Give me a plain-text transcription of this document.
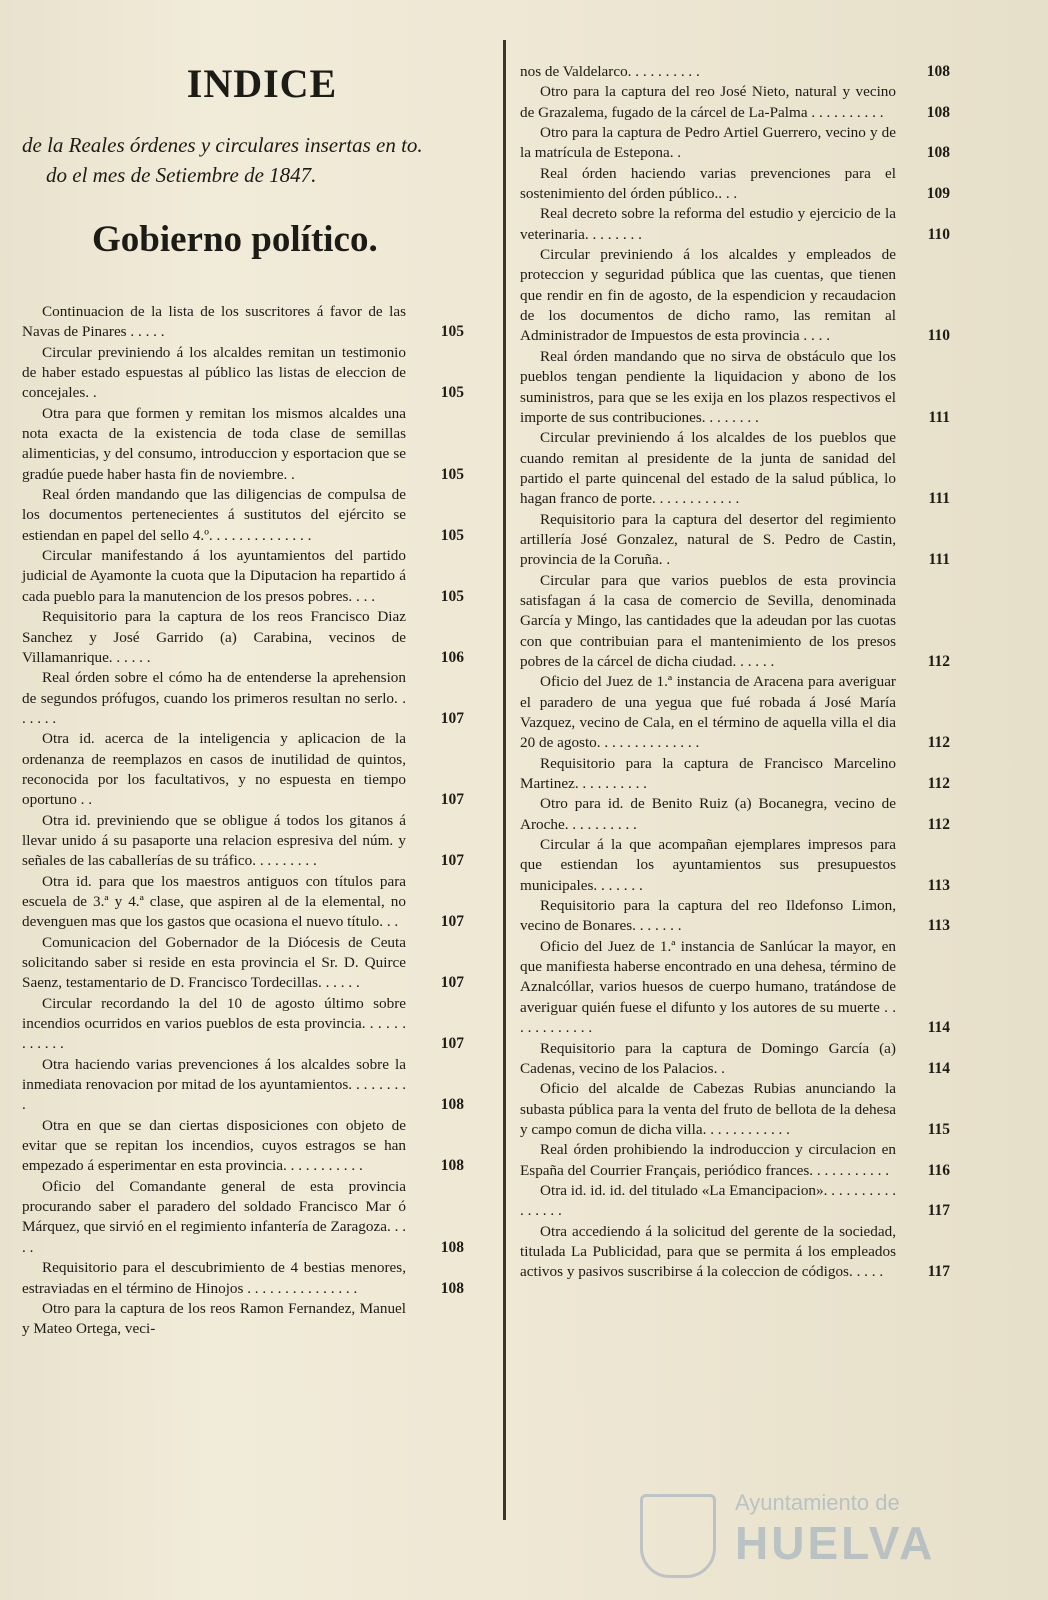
INDICE
de la Reales órdenes y circulares insertas en to.
do el mes de Setiembre de 1847.
Gobierno político.
Continuacion de la lista de los suscritores á favor de las Navas de Pinares . . . . .	105
Circular previniendo á los alcaldes remitan un testimonio de haber estado espuestas al público las listas de eleccion de concejales. .	105
Otra para que formen y remitan los mismos alcaldes una nota exacta de la existencia de toda clase de semillas alimenticias, y del consumo, introduccion y esportacion que se gradúe puede haber hasta fin de noviembre. .	105
Real órden mandando que las diligencias de compulsa de los documentos pertenecientes á sustitutos del ejército se estiendan en papel del sello 4.º. . . . . . . . . . . . . .	105
Circular manifestando á los ayuntamientos del partido judicial de Ayamonte la cuota que la Diputacion ha repartido á cada pueblo para la manutencion de los presos pobres. . . .	105
Requisitorio para la captura de los reos Francisco Diaz Sanchez y José Garrido (a) Carabina, vecinos de Villamanrique. . . . . .	106
Real órden sobre el cómo ha de entenderse la aprehension de segundos prófugos, cuando los primeros resultan no serlo. . . . . . .	107
Otra id. acerca de la inteligencia y aplicacion de la ordenanza de reemplazos en casos de inutilidad de quintos, reconocida por los facultativos, y no espuesta en tiempo oportuno . .	107
Otra id. previniendo que se obligue á todos los gitanos á llevar unido á su pasaporte una relacion espresiva del núm. y señales de las caballerías de su tráfico. . . . . . . . .	107
Otra id. para que los maestros antiguos con títulos para escuela de 3.ª y 4.ª clase, que aspiren al de la elemental, no devenguen mas que los gastos que ocasiona el nuevo título. . .	107
Comunicacion del Gobernador de la Diócesis de Ceuta solicitando saber si reside en esta provincia el Sr. D. Quirce Saenz, testamentario de D. Francisco Tordecillas. . . . . .	107
Circular recordando la del 10 de agosto último sobre incendios ocurridos en varios pueblos de esta provincia. . . . . . . . . . . .	107
Otra haciendo varias prevenciones á los alcaldes sobre la inmediata renovacion por mitad de los ayuntamientos. . . . . . . . .	108
Otra en que se dan ciertas disposiciones con objeto de evitar que se repitan los incendios, cuyos estragos se han empezado á esperimentar en esta provincia. . . . . . . . . . .	108
Oficio del Comandante general de esta provincia procurando saber el paradero del soldado Francisco Mar ó Márquez, que sirvió en el regimiento infantería de Zaragoza. . . . .	108
Requisitorio para el descubrimiento de 4 bestias menores, estraviadas en el término de Hinojos . . . . . . . . . . . . . . .	108
Otro para la captura de los reos Ramon Fernandez, Manuel y Mateo Ortega, veci-
nos de Valdelarco. . . . . . . . . .	108
Otro para la captura del reo José Nieto, natural y vecino de Grazalema, fugado de la cárcel de La-Palma . . . . . . . . . .	108
Otro para la captura de Pedro Artiel Guerrero, vecino y de la matrícula de Estepona. .	108
Real órden haciendo varias prevenciones para el sostenimiento del órden público.. . .	109
Real decreto sobre la reforma del estudio y ejercicio de la veterinaria. . . . . . . .	110
Circular previniendo á los alcaldes y empleados de proteccion y seguridad pública que las cuentas, que tienen que rendir en fin de agosto, de la espendicion y recaudacion de los documentos de dicho ramo, las remitan al Administrador de Impuestos de esta provincia . . . .	110
Real órden mandando que no sirva de obstáculo que los pueblos tengan pendiente la liquidacion y abono de los suministros, para que se les exija en los plazos respectivos el importe de sus contribuciones. . . . . . . .	111
Circular previniendo á los alcaldes de los pueblos que cuando remitan al presidente de la junta de sanidad del partido el parte quincenal del estado de la salud pública, lo hagan franco de porte. . . . . . . . . . . .	111
Requisitorio para la captura del desertor del regimiento artillería José Gonzalez, natural de S. Pedro de Castin, provincia de la Coruña. .	111
Circular para que varios pueblos de esta provincia satisfagan á la casa de comercio de Sevilla, denominada García y Mingo, las cantidades que la adeudan por las cuotas con que contribuian para el mantenimiento de los presos pobres de la cárcel de dicha ciudad. . . . . .	112
Oficio del Juez de 1.ª instancia de Aracena para averiguar el paradero de una yegua que fué robada á José María Vazquez, vecino de Cala, en el término de aquella villa el dia 20 de agosto. . . . . . . . . . . . . .	112
Requisitorio para la captura de Francisco Marcelino Martinez. . . . . . . . . .	112
Otro para id. de Benito Ruiz (a) Bocanegra, vecino de Aroche. . . . . . . . . .	112
Circular á la que acompañan ejemplares impresos para que estiendan los ayuntamientos sus presupuestos municipales. . . . . . .	113
Requisitorio para la captura del reo Ildefonso Limon, vecino de Bonares. . . . . . .	113
Oficio del Juez de 1.ª instancia de Sanlúcar la mayor, en que manifiesta haberse encontrado en una dehesa, término de Aznalcóllar, varios huesos de cuerpo humano, tratándose de averiguar quién fuese el difunto y los autores de su muerte . . . . . . . . . . . .	114
Requisitorio para la captura de Domingo García (a) Cadenas, vecino de los Palacios. .	114
Oficio del alcalde de Cabezas Rubias anunciando la subasta pública para la venta del fruto de bellota de la dehesa y campo comun de dicha villa. . . . . . . . . . . .	115
Real órden prohibiendo la indroduccion y circulacion en España del Courrier Français, periódico frances. . . . . . . . . . .	116
Otra id. id. id. del titulado «La Emancipacion». . . . . . . . . . . . . . . .	117
Otra accediendo á la solicitud del gerente de la sociedad, titulada La Publicidad, para que se permita á los empleados activos y pasivos suscribirse á la coleccion de códigos. . . . .	117
Ayuntamiento de
HUELVA
